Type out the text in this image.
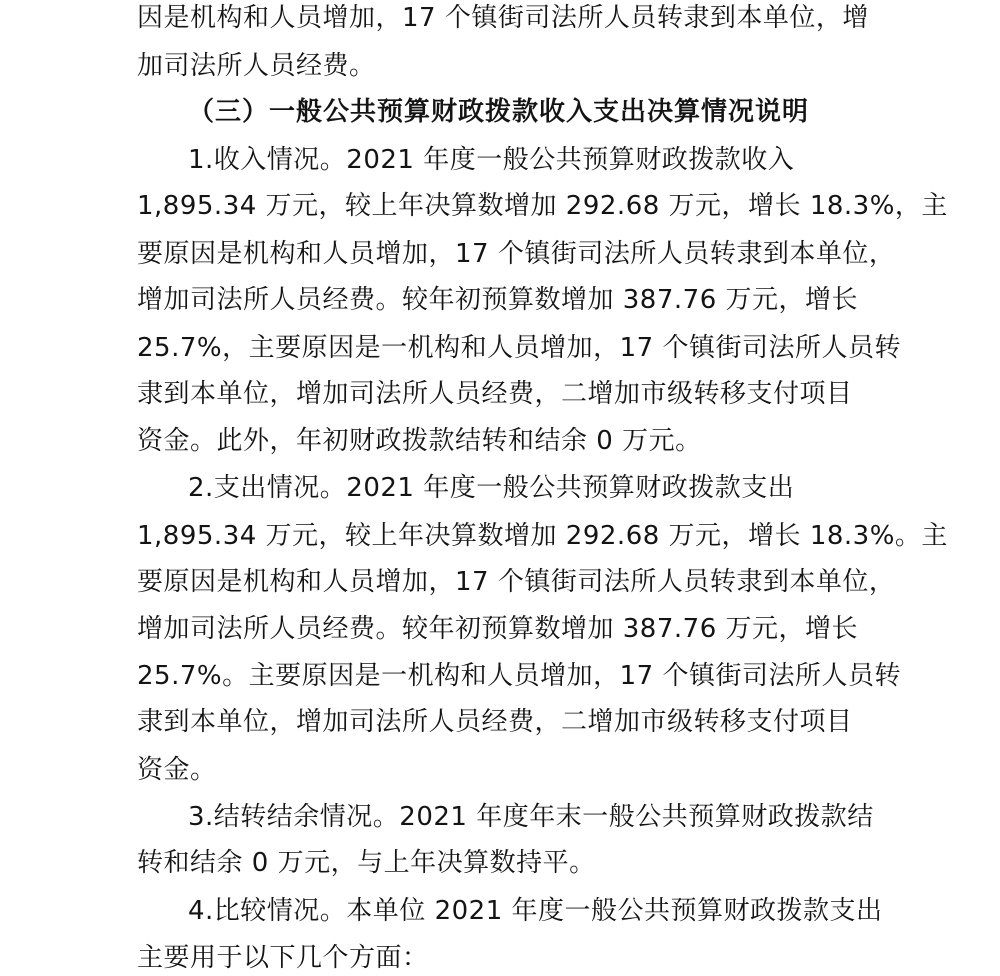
因是机构和人员增加，17 个镇街司法所人员转隶到本单位，增
加司法所人员经费。
（三）一般公共预算财政拨款收入支出决算情况说明
1.收入情况。2021 年度一般公共预算财政拨款收入
1,895.34 万元，较上年决算数增加 292.68 万元，增长 18.3%，主
要原因是机构和人员增加，17 个镇街司法所人员转隶到本单位，
增加司法所人员经费。较年初预算数增加 387.76 万元，增长
25.7%，主要原因是一机构和人员增加，17 个镇街司法所人员转
隶到本单位，增加司法所人员经费，二增加市级转移支付项目
资金。此外，年初财政拨款结转和结余 0 万元。
2.支出情况。2021 年度一般公共预算财政拨款支出
1,895.34 万元，较上年决算数增加 292.68 万元，增长 18.3%。主
要原因是机构和人员增加，17 个镇街司法所人员转隶到本单位，
增加司法所人员经费。较年初预算数增加 387.76 万元，增长
25.7%。主要原因是一机构和人员增加，17 个镇街司法所人员转
隶到本单位，增加司法所人员经费，二增加市级转移支付项目
资金。
3.结转结余情况。2021 年度年末一般公共预算财政拨款结
转和结余 0 万元，与上年决算数持平。
4.比较情况。本单位 2021 年度一般公共预算财政拨款支出
主要用于以下几个方面：
